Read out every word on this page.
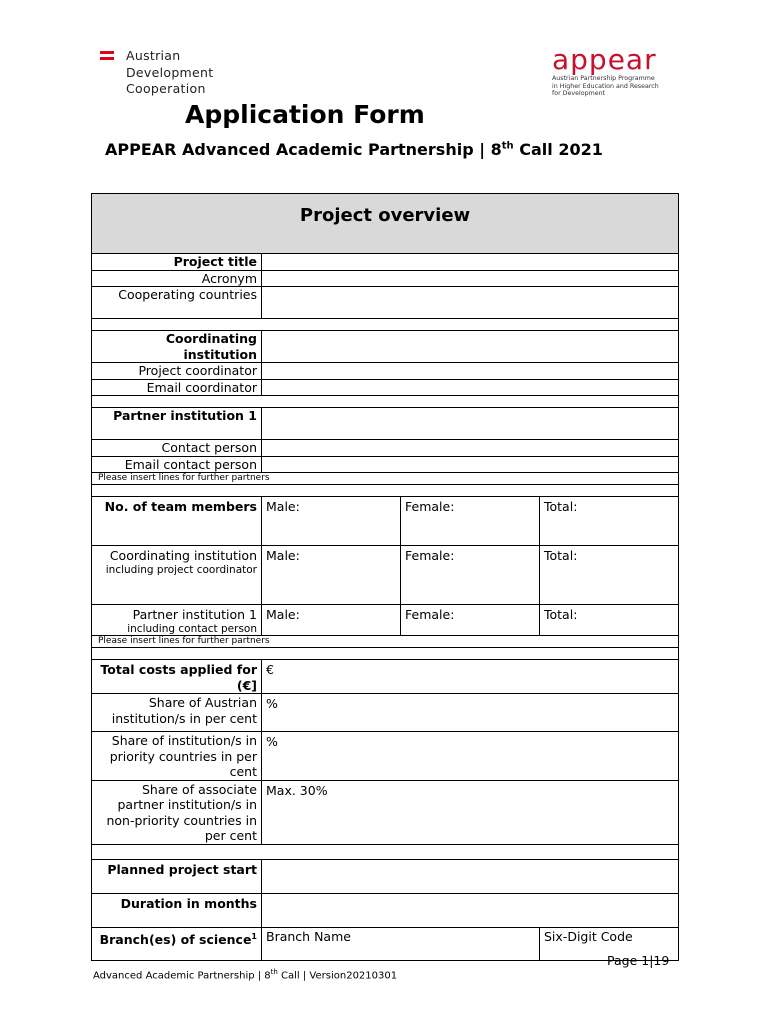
Austrian
Development
Cooperation
appear
Austrian Partnership Programme
in Higher Education and Research
for Development
Application Form
APPEAR Advanced Academic Partnership | 8th Call 2021
Project overview			
Project title			
Acronym			
Cooperating countries			

Coordinating institution			
Project coordinator			
Email coordinator			

Partner institution 1			
Contact person			
Email contact person			
Please insert lines for further partners			

No. of team members	Male:	Female:	Total:

Coordinating institution
including project coordinator	Male:	Female:	Total:

Partner institution 1
including contact person	Male:	Female:	Total:
Please insert lines for further partners			

Total costs applied for (€]	€		
Share of Austrian institution/s in per cent	%		
Share of institution/s in priority countries in per cent	%		
Share of associate partner institution/s in non-priority countries in per cent	Max. 30%		

Planned project start			
Duration in months			
Branch(es) of science$^1$	Branch Name		Six-Digit Code
Page 1|19
Advanced Academic Partnership | 8th Call | Version20210301
